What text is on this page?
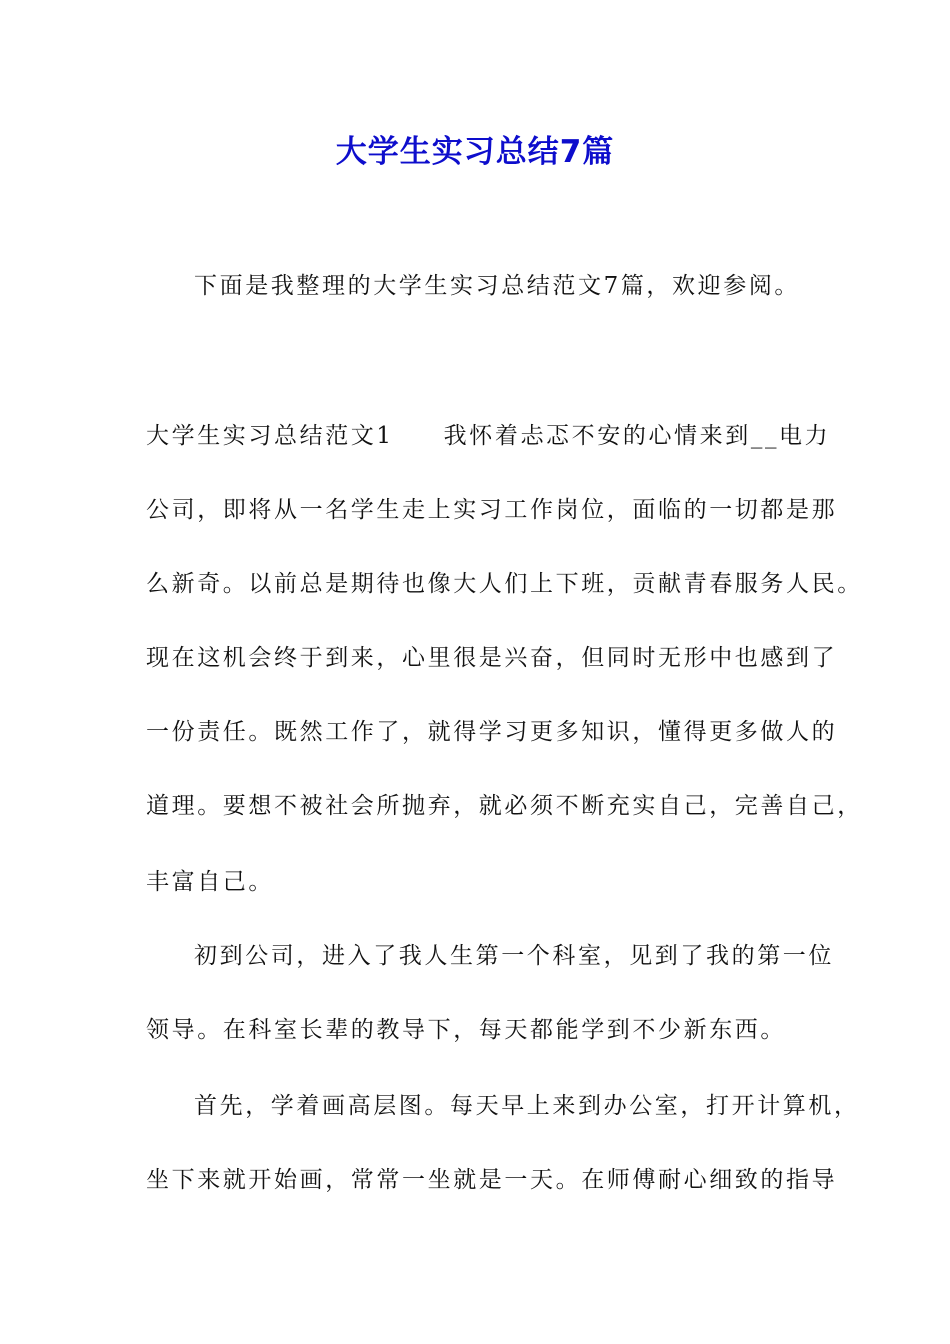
大学生实习总结7篇
下面是我整理的大学生实习总结范文7篇，欢迎参阅。
大学生实习总结范文1 我怀着忐忑不安的心情来到__电力
公司，即将从一名学生走上实习工作岗位，面临的一切都是那
么新奇。以前总是期待也像大人们上下班，贡献青春服务人民。
现在这机会终于到来，心里很是兴奋，但同时无形中也感到了
一份责任。既然工作了，就得学习更多知识，懂得更多做人的
道理。要想不被社会所抛弃，就必须不断充实自己，完善自己，
丰富自己。
初到公司，进入了我人生第一个科室，见到了我的第一位
领导。在科室长辈的教导下，每天都能学到不少新东西。
首先，学着画高层图。每天早上来到办公室，打开计算机，
坐下来就开始画，常常一坐就是一天。在师傅耐心细致的指导
